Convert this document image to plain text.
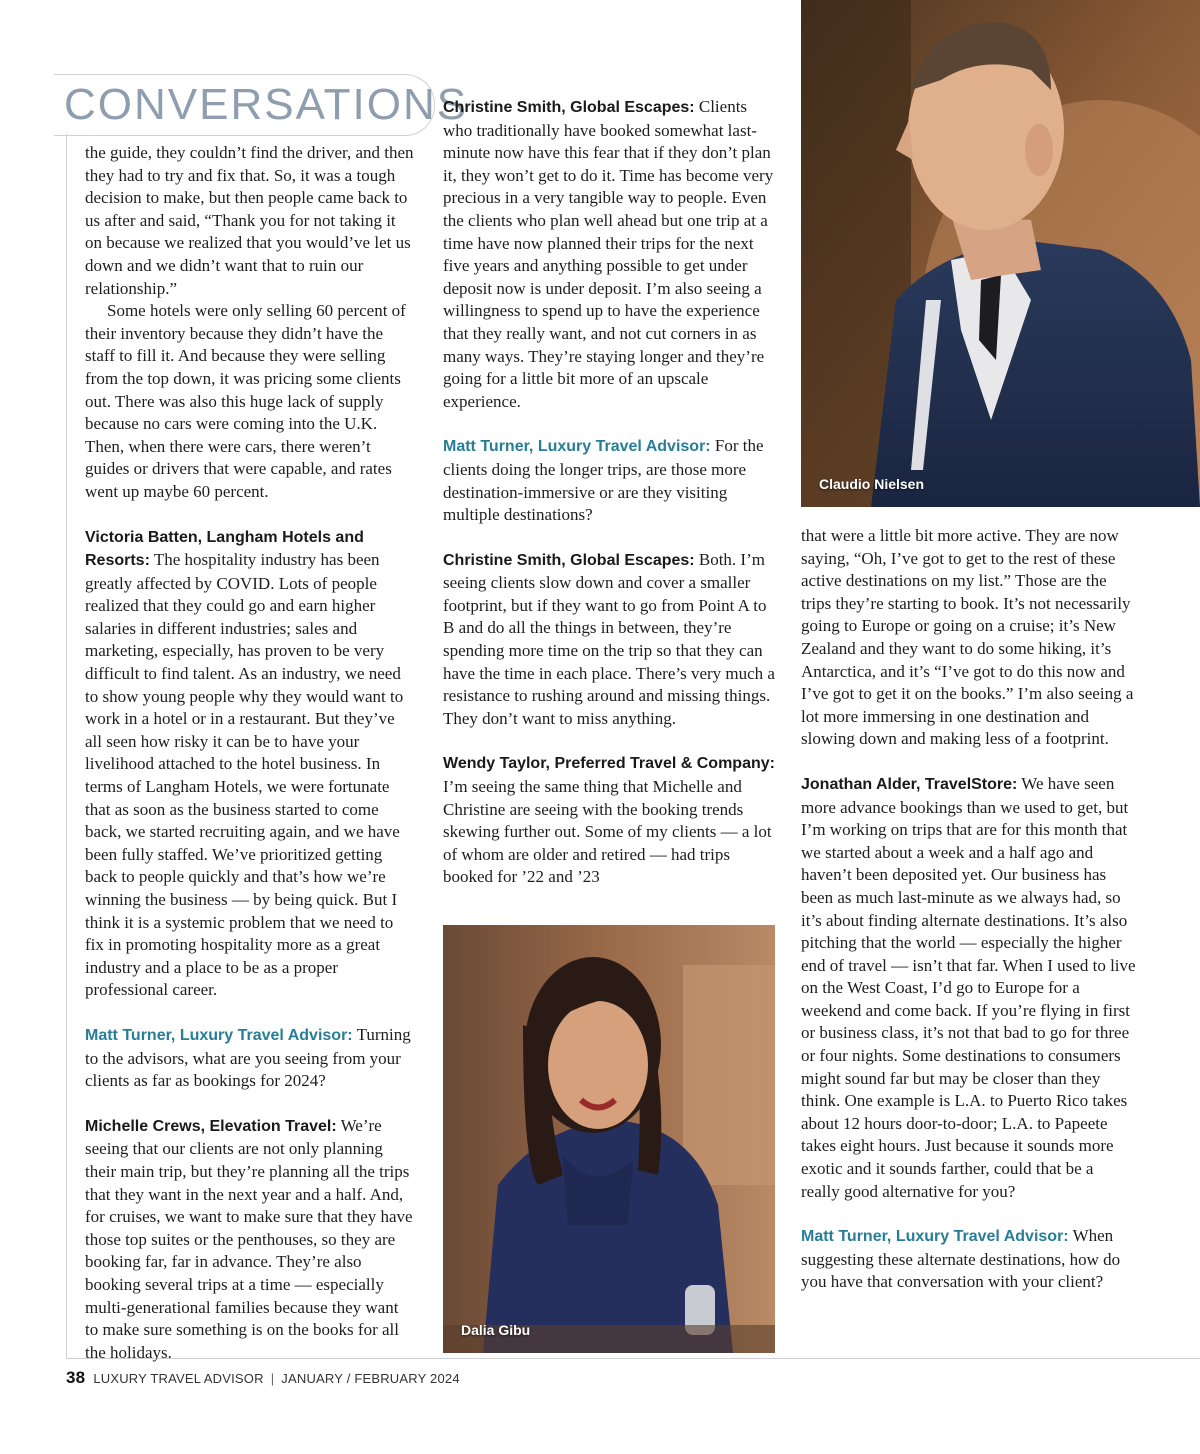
CONVERSATIONS

the guide, they couldn’t find the driver, and then they had to try and fix that. So, it was a tough decision to make, but then people came back to us after and said, “Thank you for not taking it on because we realized that you would’ve let us down and we didn’t want that to ruin our relationship.”

Some hotels were only selling 60 percent of their inventory because they didn’t have the staff to fill it. And because they were selling from the top down, it was pricing some clients out. There was also this huge lack of supply because no cars were coming into the U.K. Then, when there were cars, there weren’t guides or drivers that were capable, and rates went up maybe 60 percent.

Victoria Batten, Langham Hotels and Resorts: The hospitality industry has been greatly affected by COVID. Lots of people realized that they could go and earn higher salaries in different industries; sales and marketing, especially, has proven to be very difficult to find talent. As an industry, we need to show young people why they would want to work in a hotel or in a restaurant. But they’ve all seen how risky it can be to have your livelihood attached to the hotel business. In terms of Langham Hotels, we were fortunate that as soon as the business started to come back, we started recruiting again, and we have been fully staffed. We’ve prioritized getting back to people quickly and that’s how we’re winning the business — by being quick. But I think it is a systemic problem that we need to fix in promoting hospitality more as a great industry and a place to be as a proper professional career.

Matt Turner, Luxury Travel Advisor: Turning to the advisors, what are you seeing from your clients as far as bookings for 2024?

Michelle Crews, Elevation Travel: We’re seeing that our clients are not only planning their main trip, but they’re planning all the trips that they want in the next year and a half. And, for cruises, we want to make sure that they have those top suites or the penthouses, so they are booking far, far in advance. They’re also booking several trips at a time — especially multi-generational families because they want to make sure something is on the books for all the holidays.

Christine Smith, Global Escapes: Clients who traditionally have booked somewhat last-minute now have this fear that if they don’t plan it, they won’t get to do it. Time has become very precious in a very tangible way to people. Even the clients who plan well ahead but one trip at a time have now planned their trips for the next five years and anything possible to get under deposit now is under deposit. I’m also seeing a willingness to spend up to have the experience that they really want, and not cut corners in as many ways. They’re staying longer and they’re going for a little bit more of an upscale experience.

Matt Turner, Luxury Travel Advisor: For the clients doing the longer trips, are those more destination-immersive or are they visiting multiple destinations?

Christine Smith, Global Escapes: Both. I’m seeing clients slow down and cover a smaller footprint, but if they want to go from Point A to B and do all the things in between, they’re spending more time on the trip so that they can have the time in each place. There’s very much a resistance to rushing around and missing things. They don’t want to miss anything.

Wendy Taylor, Preferred Travel & Company: I’m seeing the same thing that Michelle and Christine are seeing with the booking trends skewing further out. Some of my clients — a lot of whom are older and retired — had trips booked for ’22 and ’23

that were a little bit more active. They are now saying, “Oh, I’ve got to get to the rest of these active destinations on my list.” Those are the trips they’re starting to book. It’s not necessarily going to Europe or going on a cruise; it’s New Zealand and they want to do some hiking, it’s Antarctica, and it’s “I’ve got to do this now and I’ve got to get it on the books.” I’m also seeing a lot more immersing in one destination and slowing down and making less of a footprint.

Jonathan Alder, TravelStore: We have seen more advance bookings than we used to get, but I’m working on trips that are for this month that we started about a week and a half ago and haven’t been deposited yet. Our business has been as much last-minute as we always had, so it’s about finding alternate destinations. It’s also pitching that the world — especially the higher end of travel — isn’t that far. When I used to live on the West Coast, I’d go to Europe for a weekend and come back. If you’re flying in first or business class, it’s not that bad to go for three or four nights. Some destinations to consumers might sound far but may be closer than they think. One example is L.A. to Puerto Rico takes about 12 hours door-to-door; L.A. to Papeete takes eight hours. Just because it sounds more exotic and it sounds farther, could that be a really good alternative for you?

Matt Turner, Luxury Travel Advisor: When suggesting these alternate destinations, how do you have that conversation with your client?

Claudio Nielsen
Dalia Gibu
38 LUXURY TRAVEL ADVISOR | JANUARY / FEBRUARY 2024
